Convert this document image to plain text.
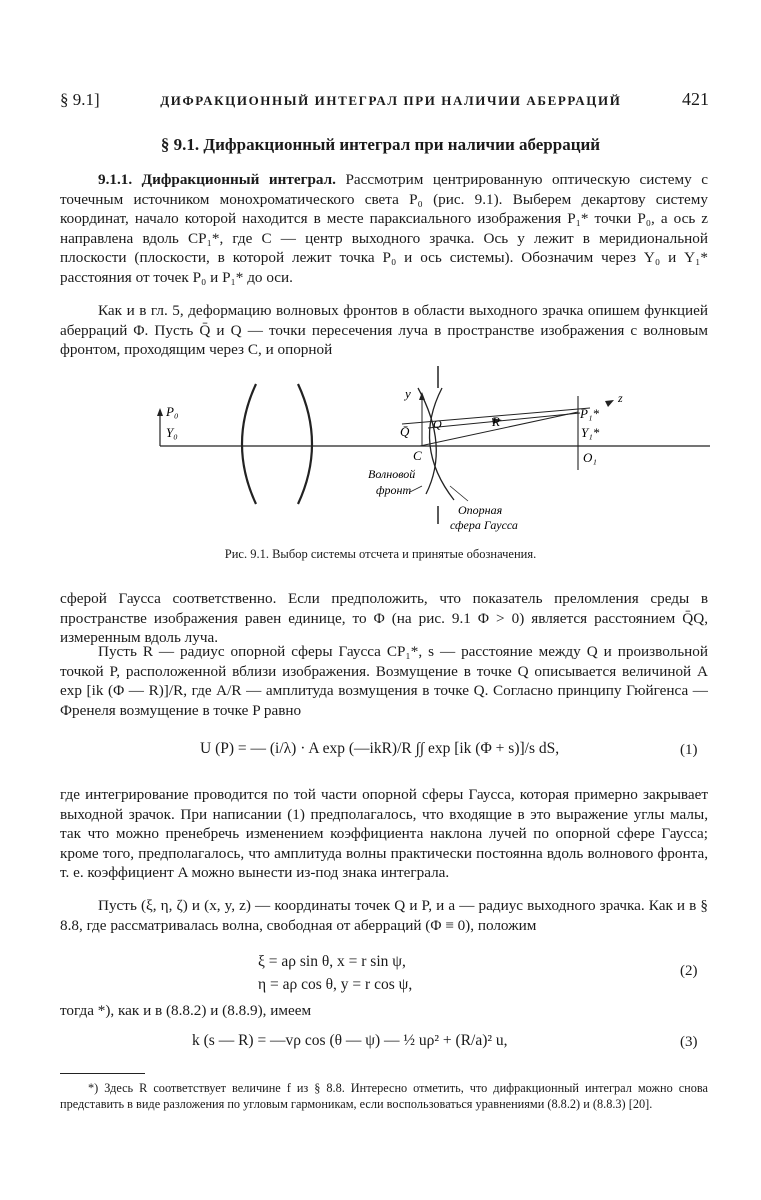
§ 9.1]	ДИФРАКЦИОННЫЙ ИНТЕГРАЛ ПРИ НАЛИЧИИ АБЕРРАЦИЙ	421
§ 9.1. Дифракционный интеграл при наличии аберраций

9.1.1. Дифракционный интеграл. Рассмотрим центрированную оптическую систему с точечным источником монохроматического света P₀ (рис. 9.1). Выберем декартову систему координат, начало которой находится в месте параксиального изображения P₁* точки P₀, а ось z направлена вдоль CP₁*, где C — центр выходного зрачка. Ось y лежит в меридиональной плоскости (плоскости, в которой лежит точка P₀ и ось системы). Обозначим через Y₀ и Y₁* расстояния от точек P₀ и P₁* до оси.

Как и в гл. 5, деформацию волновых фронтов в области выходного зрачка опишем функцией аберраций Φ. Пусть Q̄ и Q — точки пересечения луча в пространстве изображения с волновым фронтом, проходящим через C, и опорной

P₀
Y₀
y	z
Q̄ Q	R
P₁*
Y₁*
O₁
C
Волновой
фронт
Опорная
сфера Гаусса
Рис. 9.1. Выбор системы отсчета и принятые обозначения.

сферой Гаусса соответственно. Если предположить, что показатель преломления среды в пространстве изображения равен единице, то Φ (на рис. 9.1 Φ > 0) является расстоянием Q̄Q, измеренным вдоль луча.

Пусть R — радиус опорной сферы Гаусса CP₁*, s — расстояние между Q и произвольной точкой P, расположенной вблизи изображения. Возмущение в точке Q описывается величиной A exp [ik (Φ — R)]/R, где A/R — амплитуда возмущения в точке Q. Согласно принципу Гюйгенса — Френеля возмущение в точке P равно

U (P) = — (i/λ) · A exp (—ikR)/R ∫∫ exp [ik (Φ + s)]/s dS,	(1)

где интегрирование проводится по той части опорной сферы Гаусса, которая примерно закрывает выходной зрачок. При написании (1) предполагалось, что входящие в это выражение углы малы, так что можно пренебречь изменением коэффициента наклона лучей по опорной сфере Гаусса; кроме того, предполагалось, что амплитуда волны практически постоянна вдоль волнового фронта, т. е. коэффициент A можно вынести из-под знака интеграла.

Пусть (ξ, η, ζ) и (x, y, z) — координаты точек Q и P, и a — радиус выходного зрачка. Как и в § 8.8, где рассматривалась волна, свободная от аберраций (Φ ≡ 0), положим

ξ = aρ sin θ, x = r sin ψ,
η = aρ cos θ, y = r cos ψ,
(2)

тогда *), как и в (8.8.2) и (8.8.9), имеем

k (s — R) = —vρ cos (θ — ψ) — ½ uρ² + (R/a)² u,	(3)

*) Здесь R соответствует величине f из § 8.8. Интересно отметить, что дифракционный интеграл можно снова представить в виде разложения по угловым гармоникам, если воспользоваться уравнениями (8.8.2) и (8.8.3) [20].
